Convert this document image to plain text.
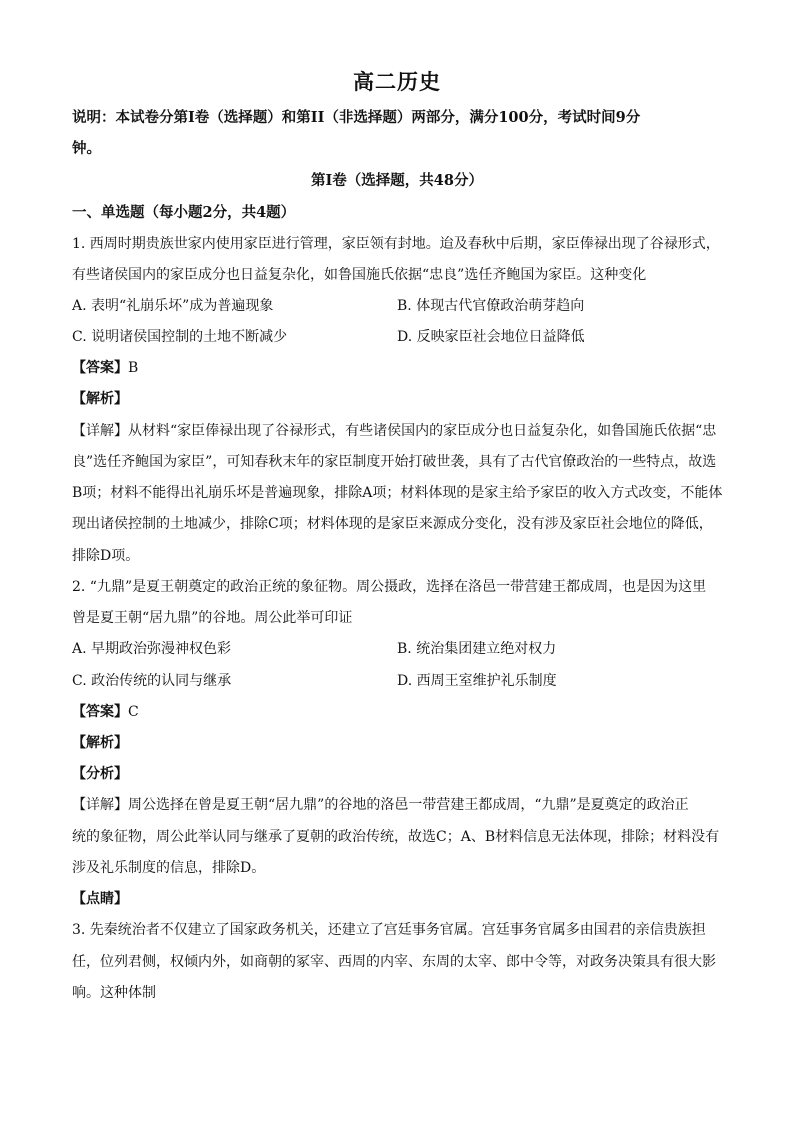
高二历史
说明：本试卷分第Ⅰ卷（选择题）和第II（非选择题）两部分，满分100分，考试时间9分
钟。
第Ⅰ卷（选择题，共48分）
一、单选题（每小题2分，共4题）
1. 西周时期贵族世家内使用家臣进行管理，家臣领有封地。迨及春秋中后期，家臣俸禄出现了谷禄形式，
有些诸侯国内的家臣成分也日益复杂化，如鲁国施氏依据“忠良”选任齐鲍国为家臣。这种变化
A. 表明“礼崩乐坏”成为普遍现象	B. 体现古代官僚政治萌芽趋向
C. 说明诸侯国控制的土地不断减少	D. 反映家臣社会地位日益降低
【答案】B
【解析】
【详解】从材料“家臣俸禄出现了谷禄形式，有些诸侯国内的家臣成分也日益复杂化，如鲁国施氏依据“忠
良”选任齐鲍国为家臣”，可知春秋末年的家臣制度开始打破世袭，具有了古代官僚政治的一些特点，故选
B项；材料不能得出礼崩乐坏是普遍现象，排除A项；材料体现的是家主给予家臣的收入方式改变，不能体
现出诸侯控制的土地减少，排除C项；材料体现的是家臣来源成分变化，没有涉及家臣社会地位的降低，
排除D项。
2. “九鼎”是夏王朝奠定的政治正统的象征物。周公摄政，选择在洛邑一带营建王都成周，也是因为这里
曾是夏王朝“居九鼎”的谷地。周公此举可印证
A. 早期政治弥漫神权色彩	B. 统治集团建立绝对权力
C. 政治传统的认同与继承	D. 西周王室维护礼乐制度
【答案】C
【解析】
【分析】
【详解】周公选择在曾是夏王朝“居九鼎”的谷地的洛邑一带营建王都成周，“九鼎”是夏奠定的政治正
统的象征物，周公此举认同与继承了夏朝的政治传统，故选C；A、B材料信息无法体现，排除；材料没有
涉及礼乐制度的信息，排除D。
【点睛】
3. 先秦统治者不仅建立了国家政务机关，还建立了宫廷事务官属。宫廷事务官属多由国君的亲信贵族担
任，位列君侧，权倾内外，如商朝的冢宰、西周的内宰、东周的太宰、郎中令等，对政务决策具有很大影
响。这种体制
